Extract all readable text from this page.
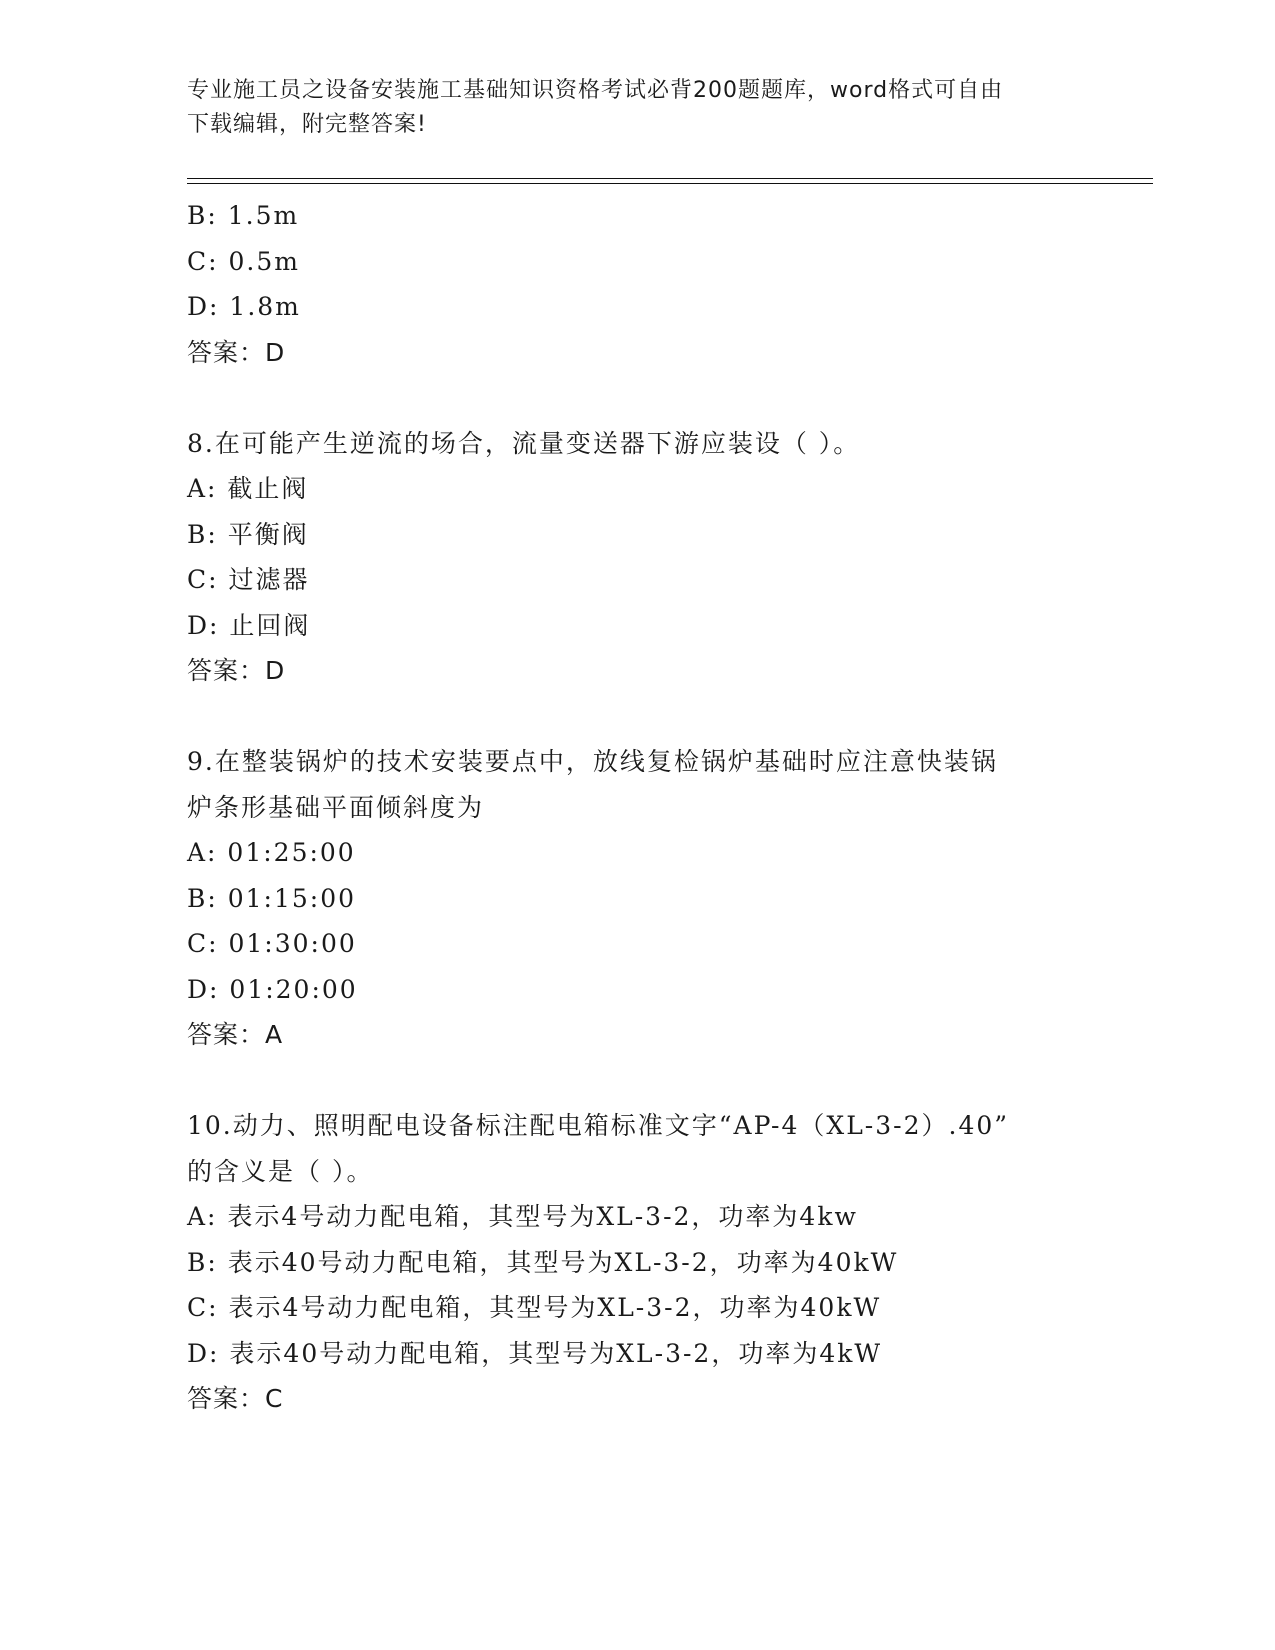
专业施工员之设备安装施工基础知识资格考试必背200题题库，word格式可自由
下载编辑，附完整答案!
B: 1.5m
C: 0.5m
D: 1.8m
答案：D
8.在可能产生逆流的场合，流量变送器下游应装设（ ）。
A: 截止阀
B: 平衡阀
C: 过滤器
D: 止回阀
答案：D
9.在整装锅炉的技术安装要点中，放线复检锅炉基础时应注意快装锅
炉条形基础平面倾斜度为
A: 01:25:00
B: 01:15:00
C: 01:30:00
D: 01:20:00
答案：A
10.动力、照明配电设备标注配电箱标准文字“AP-4（XL-3-2）.40”
的含义是（ ）。
A: 表示4号动力配电箱，其型号为XL-3-2，功率为4kw
B: 表示40号动力配电箱，其型号为XL-3-2，功率为40kW
C: 表示4号动力配电箱，其型号为XL-3-2，功率为40kW
D: 表示40号动力配电箱，其型号为XL-3-2，功率为4kW
答案：C
